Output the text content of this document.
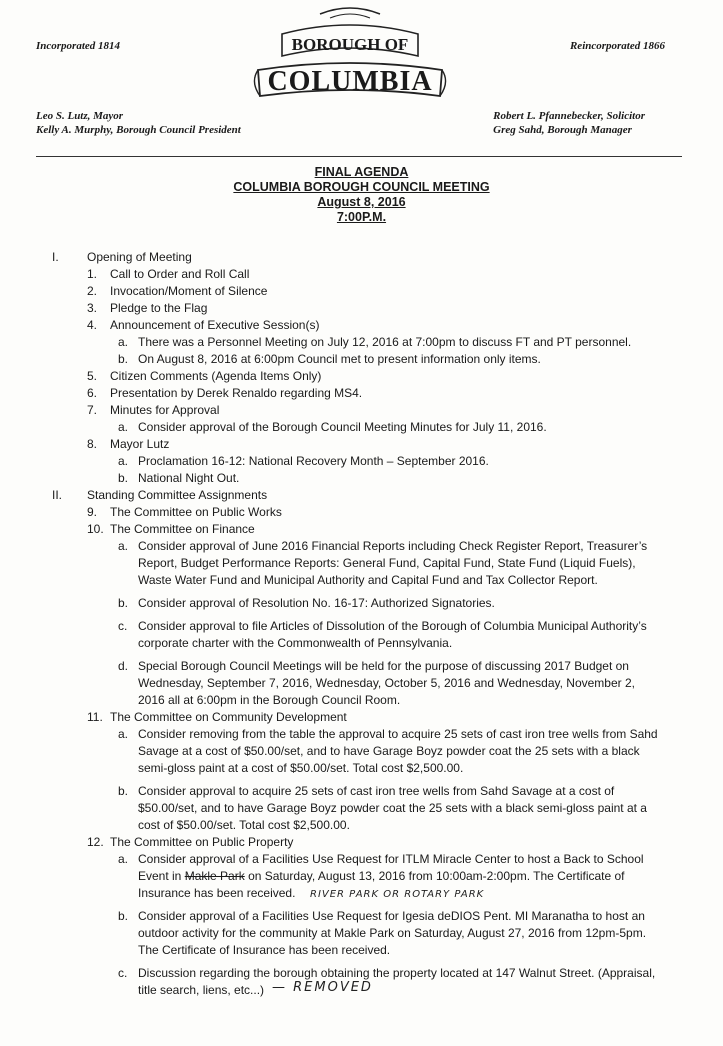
Incorporated 1814	Reincorporated 1866
BOROUGH OF
COLUMBIA
Leo S. Lutz, Mayor
Kelly A. Murphy, Borough Council President
Robert L. Pfannebecker, Solicitor
Greg Sahd, Borough Manager
FINAL AGENDA
COLUMBIA BOROUGH COUNCIL MEETING
August 8, 2016
7:00P.M.
I. Opening of Meeting
1. Call to Order and Roll Call
2. Invocation/Moment of Silence
3. Pledge to the Flag
4. Announcement of Executive Session(s)
a. There was a Personnel Meeting on July 12, 2016 at 7:00pm to discuss FT and PT personnel.
b. On August 8, 2016 at 6:00pm Council met to present information only items.
5. Citizen Comments (Agenda Items Only)
6. Presentation by Derek Renaldo regarding MS4.
7. Minutes for Approval
a. Consider approval of the Borough Council Meeting Minutes for July 11, 2016.
8. Mayor Lutz
a. Proclamation 16-12: National Recovery Month – September 2016.
b. National Night Out.
II. Standing Committee Assignments
9. The Committee on Public Works
10. The Committee on Finance
a. Consider approval of June 2016 Financial Reports including Check Register Report, Treasurer’s
Report, Budget Performance Reports: General Fund, Capital Fund, State Fund (Liquid Fuels),
Waste Water Fund and Municipal Authority and Capital Fund and Tax Collector Report.
b. Consider approval of Resolution No. 16-17: Authorized Signatories.
c. Consider approval to file Articles of Dissolution of the Borough of Columbia Municipal Authority’s
corporate charter with the Commonwealth of Pennsylvania.
d. Special Borough Council Meetings will be held for the purpose of discussing 2017 Budget on
Wednesday, September 7, 2016, Wednesday, October 5, 2016 and Wednesday, November 2,
2016 all at 6:00pm in the Borough Council Room.
11. The Committee on Community Development
a. Consider removing from the table the approval to acquire 25 sets of cast iron tree wells from Sahd
Savage at a cost of $50.00/set, and to have Garage Boyz powder coat the 25 sets with a black
semi-gloss paint at a cost of $50.00/set. Total cost $2,500.00.
b. Consider approval to acquire 25 sets of cast iron tree wells from Sahd Savage at a cost of
$50.00/set, and to have Garage Boyz powder coat the 25 sets with a black semi-gloss paint at a
cost of $50.00/set. Total cost $2,500.00.
12. The Committee on Public Property
a. Consider approval of a Facilities Use Request for ITLM Miracle Center to host a Back to School
Event in Makle Park on Saturday, August 13, 2016 from 10:00am-2:00pm. The Certificate of
Insurance has been received. RIVER PARK OR ROTARY PARK
b. Consider approval of a Facilities Use Request for Igesia deDIOS Pent. MI Maranatha to host an
outdoor activity for the community at Makle Park on Saturday, August 27, 2016 from 12pm-5pm.
The Certificate of Insurance has been received.
c. Discussion regarding the borough obtaining the property located at 147 Walnut Street. (Appraisal,
title search, liens, etc...) — REMOVED
